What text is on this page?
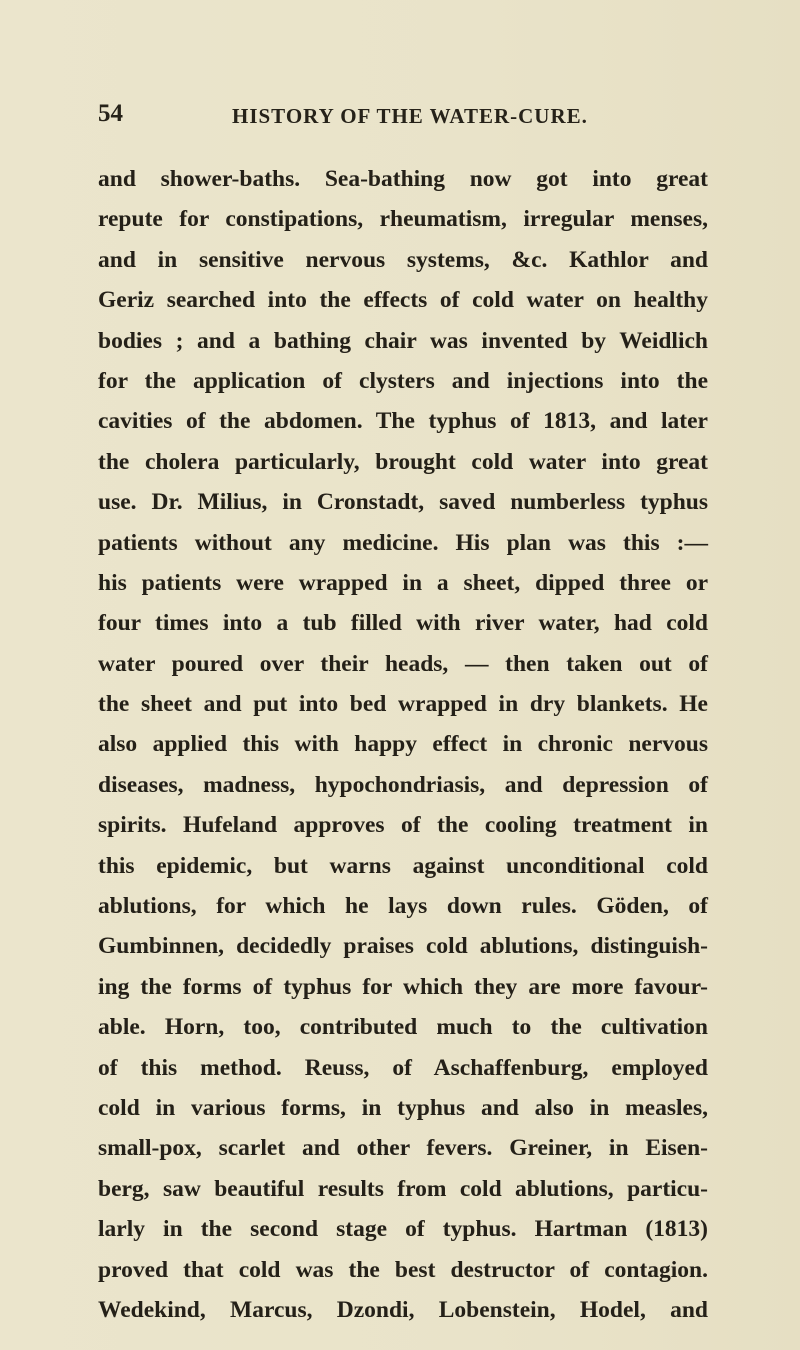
54	HISTORY OF THE WATER-CURE.
and shower-baths. Sea-bathing now got into great
repute for constipations, rheumatism, irregular menses,
and in sensitive nervous systems, &c. Kathlor and
Geriz searched into the effects of cold water on healthy
bodies ; and a bathing chair was invented by Weidlich
for the application of clysters and injections into the
cavities of the abdomen. The typhus of 1813, and later
the cholera particularly, brought cold water into great
use. Dr. Milius, in Cronstadt, saved numberless typhus
patients without any medicine. His plan was this :—
his patients were wrapped in a sheet, dipped three or
four times into a tub filled with river water, had cold
water poured over their heads, — then taken out of
the sheet and put into bed wrapped in dry blankets. He
also applied this with happy effect in chronic nervous
diseases, madness, hypochondriasis, and depression of
spirits. Hufeland approves of the cooling treatment in
this epidemic, but warns against unconditional cold
ablutions, for which he lays down rules. Göden, of
Gumbinnen, decidedly praises cold ablutions, distinguish-
ing the forms of typhus for which they are more favour-
able. Horn, too, contributed much to the cultivation
of this method. Reuss, of Aschaffenburg, employed
cold in various forms, in typhus and also in measles,
small-pox, scarlet and other fevers. Greiner, in Eisen-
berg, saw beautiful results from cold ablutions, particu-
larly in the second stage of typhus. Hartman (1813)
proved that cold was the best destructor of contagion.
Wedekind, Marcus, Dzondi, Lobenstein, Hodel, and
